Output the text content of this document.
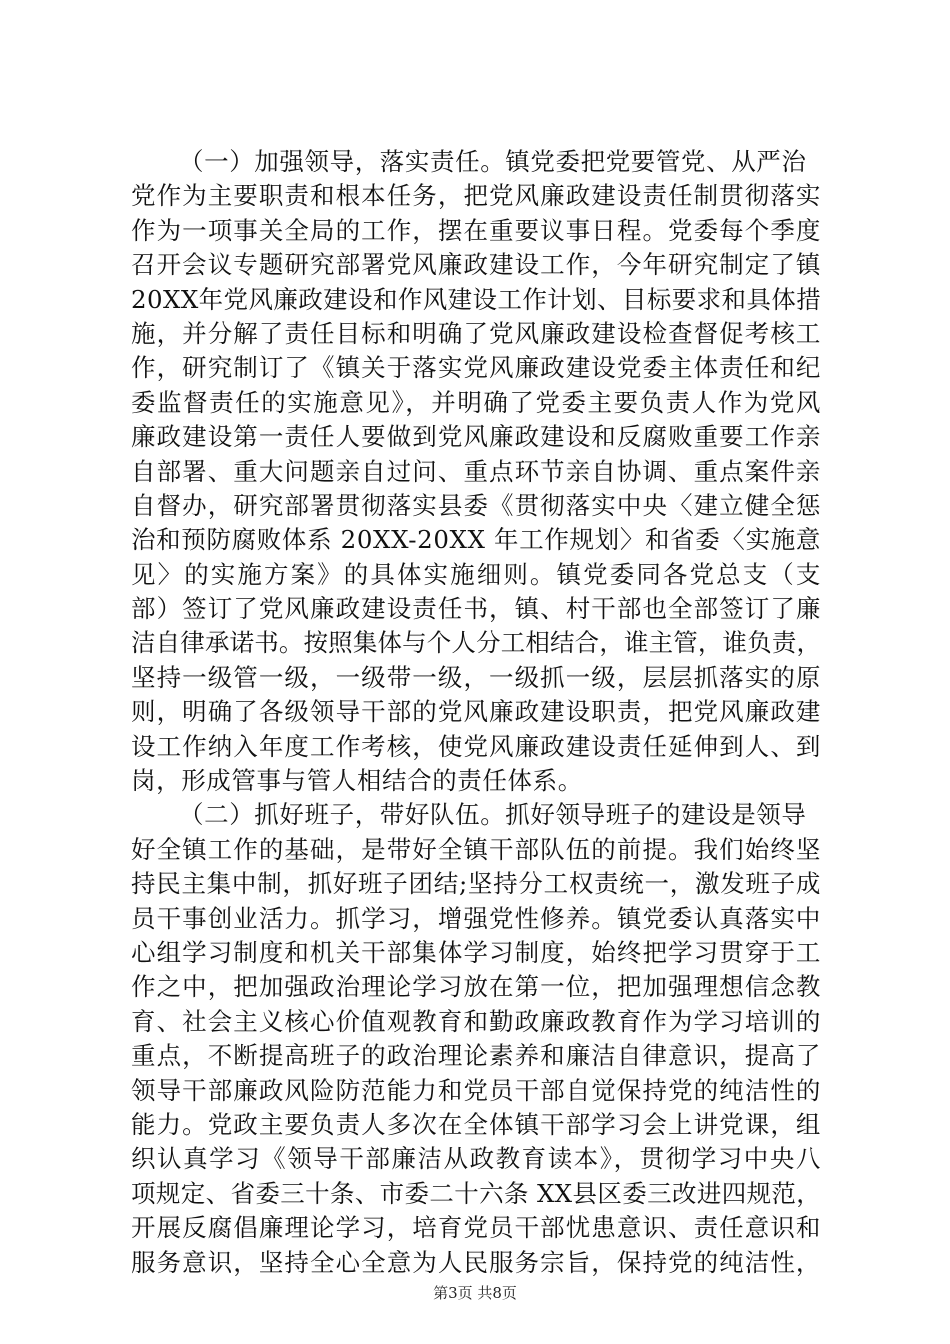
（一）加强领导，落实责任。镇党委把党要管党、从严治
党作为主要职责和根本任务，把党风廉政建设责任制贯彻落实
作为一项事关全局的工作，摆在重要议事日程。党委每个季度
召开会议专题研究部署党风廉政建设工作，今年研究制定了镇
20XX年党风廉政建设和作风建设工作计划、目标要求和具体措
施，并分解了责任目标和明确了党风廉政建设检查督促考核工
作，研究制订了《镇关于落实党风廉政建设党委主体责任和纪
委监督责任的实施意见》，并明确了党委主要负责人作为党风
廉政建设第一责任人要做到党风廉政建设和反腐败重要工作亲
自部署、重大问题亲自过问、重点环节亲自协调、重点案件亲
自督办，研究部署贯彻落实县委《贯彻落实中央〈建立健全惩
治和预防腐败体系 20XX-20XX 年工作规划〉和省委〈实施意
见〉的实施方案》的具体实施细则。镇党委同各党总支（支
部）签订了党风廉政建设责任书，镇、村干部也全部签订了廉
洁自律承诺书。按照集体与个人分工相结合，谁主管，谁负责，
坚持一级管一级，一级带一级，一级抓一级，层层抓落实的原
则，明确了各级领导干部的党风廉政建设职责，把党风廉政建
设工作纳入年度工作考核，使党风廉政建设责任延伸到人、到
岗，形成管事与管人相结合的责任体系。
（二）抓好班子，带好队伍。抓好领导班子的建设是领导
好全镇工作的基础，是带好全镇干部队伍的前提。我们始终坚
持民主集中制，抓好班子团结;坚持分工权责统一，激发班子成
员干事创业活力。抓学习，增强党性修养。镇党委认真落实中
心组学习制度和机关干部集体学习制度，始终把学习贯穿于工
作之中，把加强政治理论学习放在第一位，把加强理想信念教
育、社会主义核心价值观教育和勤政廉政教育作为学习培训的
重点，不断提高班子的政治理论素养和廉洁自律意识，提高了
领导干部廉政风险防范能力和党员干部自觉保持党的纯洁性的
能力。党政主要负责人多次在全体镇干部学习会上讲党课，组
织认真学习《领导干部廉洁从政教育读本》，贯彻学习中央八
项规定、省委三十条、市委二十六条 XX县区委三改进四规范，
开展反腐倡廉理论学习，培育党员干部忧患意识、责任意识和
服务意识，坚持全心全意为人民服务宗旨，保持党的纯洁性，
第3页 共8页
